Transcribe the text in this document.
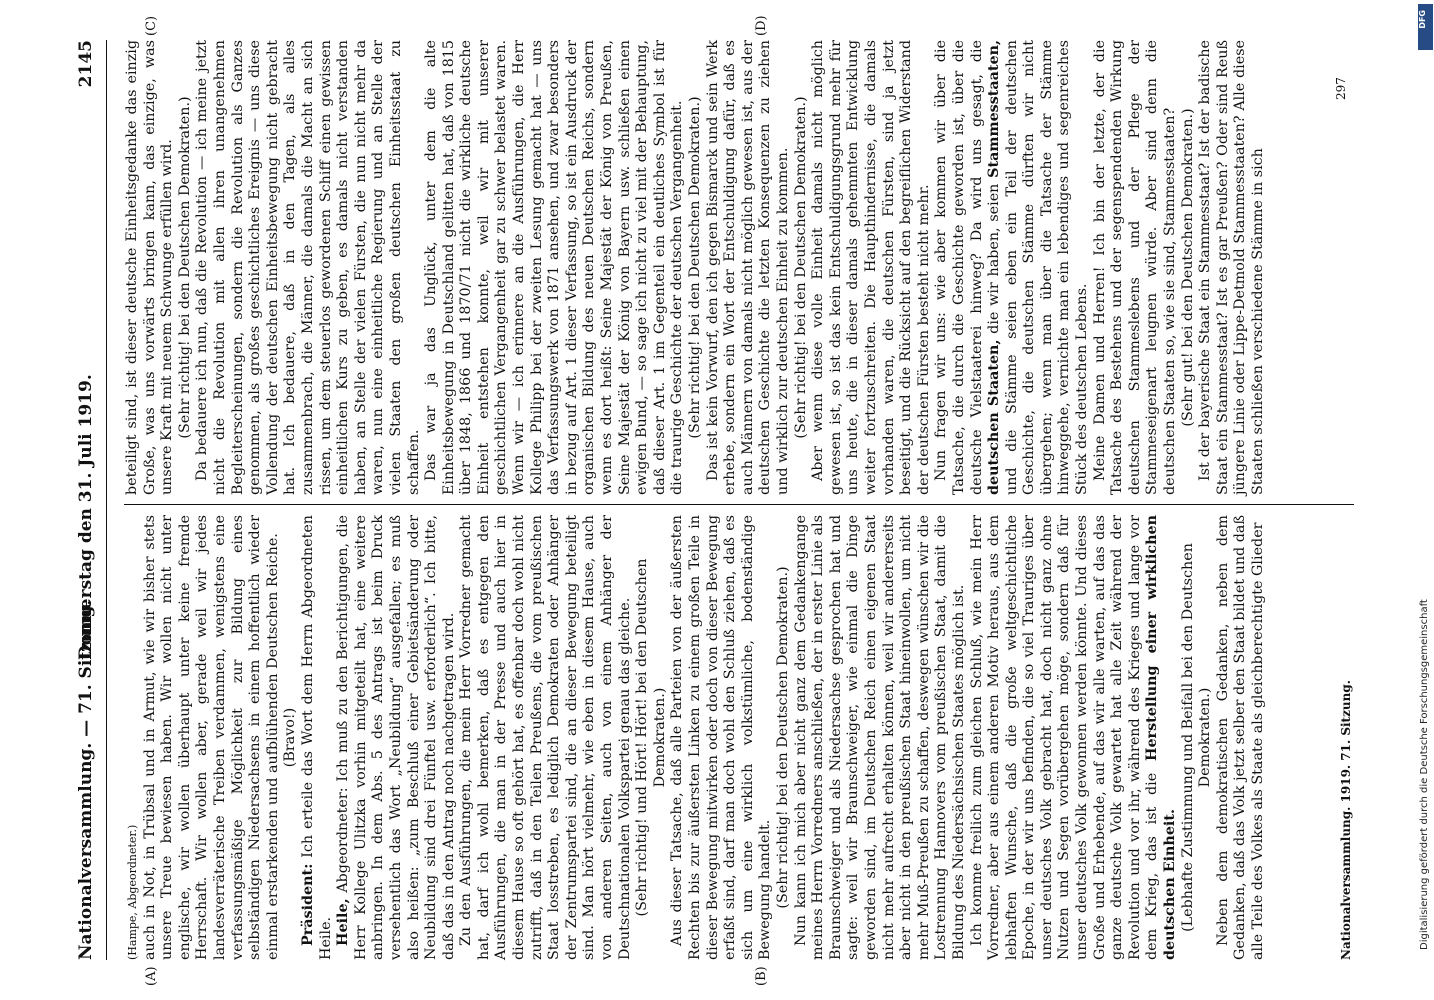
Nationalversammlung. — 71. Sitzung.
Donnerstag den 31. Juli 1919.
2145
(A)	(B)
(C)	(D)

(Hampe, Abgeordneter.) auch in Not, in Trübsal und in Armut, wie wir bisher stets unsere Treue bewiesen haben. Wir wollen nicht unter englische, wir wollen überhaupt unter keine fremde Herrschaft. Wir wollen aber, gerade weil wir jedes landesverräterische Treiben verdammen, wenigstens eine verfassungsmäßige Möglichkeit zur Bildung eines selbständigen Niedersachsens in einem hoffentlich wieder einmal erstarkenden und aufblühenden Deutschen Reiche. (Bravo!)

Präsident: Ich erteile das Wort dem Herrn Abgeordneten Heile. Heile, Abgeordneter: Ich muß zu den Berichtigungen, die Herr Kollege Ulitzka vorhin mitgeteilt hat, eine weitere anbringen. In dem Abs. 5 des Antrags ist beim Druck versehentlich das Wort „Neubildung“ ausgefallen; es muß also heißen: „zum Beschluß einer Gebietsänderung oder Neubildung sind drei Fünftel usw. erforderlich“. Ich bitte, daß das in den Antrag noch nachgetragen wird. Zu den Ausführungen, die mein Herr Vorredner gemacht hat, darf ich wohl bemerken, daß es entgegen den Ausführungen, die man in der Presse und auch hier in diesem Hause so oft gehört hat, es offenbar doch wohl nicht zutrifft, daß in den Teilen Preußens, die vom preußischen Staat losstreben, es lediglich Demokraten oder Anhänger der Zentrumspartei sind, die an dieser Bewegung beteiligt sind. Man hört vielmehr, wie eben in diesem Hause, auch von anderen Seiten, auch von einem Anhänger der Deutschnationalen Volkspartei genau das gleiche. (Sehr richtig! und Hört! Hört! bei den Deutschen Demokraten.) Aus dieser Tatsache, daß alle Parteien von der äußersten Rechten bis zur äußersten Linken zu einem großen Teile in dieser Bewegung mitwirken oder doch von dieser Bewegung erfaßt sind, darf man doch wohl den Schluß ziehen, daß es sich um eine wirklich volkstümliche, bodenständige Bewegung handelt. (Sehr richtig! bei den Deutschen Demokraten.) Nun kann ich mich aber nicht ganz dem Gedankengange meines Herrn Vorredners anschließen, der in erster Linie als Braunschweiger und als Niedersachse gesprochen hat und sagte: weil wir Braunschweiger, wie einmal die Dinge geworden sind, im Deutschen Reich einen eigenen Staat nicht mehr aufrecht erhalten können, weil wir andererseits aber nicht in den preußischen Staat hineinwollen, um nicht mehr Muß-Preußen zu schaffen, deswegen wünschen wir die Lostrennung Hannovers vom preußischen Staat, damit die Bildung des Niedersächsischen Staates möglich ist. Ich komme freilich zum gleichen Schluß, wie mein Herr Vorredner, aber aus einem anderen Motiv heraus, aus dem lebhaften Wunsche, daß die große weltgeschichtliche Epoche, in der wir uns befinden, die so viel Trauriges über unser deutsches Volk gebracht hat, doch nicht ganz ohne Nutzen und Segen vorübergehen möge, sondern daß für unser deutsches Volk gewonnen werden könnte. Und dieses Große und Erhebende, auf das wir alle warten, auf das das ganze deutsche Volk gewartet hat alle Zeit während der Revolution und vor ihr, während des Krieges und lange vor dem Krieg, das ist die Herstellung einer wirklichen deutschen Einheit. (Lebhafte Zustimmung und Beifall bei den Deutschen Demokraten.) Neben dem demokratischen Gedanken, neben dem Gedanken, daß das Volk jetzt selber den Staat bildet und daß alle Teile des Volkes als Staate als gleichberechtigte Glieder

beteiligt sind, ist dieser deutsche Einheitsgedanke das einzig Große, was uns vorwärts bringen kann, das einzige, was unsere Kraft mit neuem Schwunge erfüllen wird. (Sehr richtig! bei den Deutschen Demokraten.) Da bedauere ich nun, daß die Revolution — ich meine jetzt nicht die Revolution mit allen ihren unangenehmen Begleiterscheinungen, sondern die Revolution als Ganzes genommen, als großes geschichtliches Ereignis — uns diese Vollendung der deutschen Einheitsbewegung nicht gebracht hat. Ich bedauere, daß in den Tagen, als alles zusammenbrach, die Männer, die damals die Macht an sich rissen, um dem steuerlos gewordenen Schiff einen gewissen einheitlichen Kurs zu geben, es damals nicht verstanden haben, an Stelle der vielen Fürsten, die nun nicht mehr da waren, nun eine einheitliche Regierung und an Stelle der vielen Staaten den großen deutschen Einheitsstaat zu schaffen. Das war ja das Unglück, unter dem die alte Einheitsbewegung in Deutschland gelitten hat, daß von 1815 über 1848, 1866 und 1870/71 nicht die wirkliche deutsche Einheit entstehen konnte, weil wir mit unserer geschichtlichen Vergangenheit gar zu schwer belastet waren. Wenn wir — ich erinnere an die Ausführungen, die Herr Kollege Philipp bei der zweiten Lesung gemacht hat — uns das Verfassungswerk von 1871 ansehen, und zwar besonders in bezug auf Art. 1 dieser Verfassung, so ist ein Ausdruck der organischen Bildung des neuen Deutschen Reichs, sondern wenn es dort heißt: Seine Majestät der König von Preußen, Seine Majestät der König von Bayern usw. schließen einen ewigen Bund, — so sage ich nicht zu viel mit der Behauptung, daß dieser Art. 1 im Gegenteil ein deutliches Symbol ist für die traurige Geschichte der deutschen Vergangenheit. (Sehr richtig! bei den Deutschen Demokraten.) Das ist kein Vorwurf, den ich gegen Bismarck und sein Werk erhebe, sondern ein Wort der Entschuldigung dafür, daß es auch Männern von damals nicht möglich gewesen ist, aus der deutschen Geschichte die letzten Konsequenzen zu ziehen und wirklich zur deutschen Einheit zu kommen. (Sehr richtig! bei den Deutschen Demokraten.) Aber wenn diese volle Einheit damals nicht möglich gewesen ist, so ist das kein Entschuldigungsgrund mehr für uns heute, die in dieser damals gehemmten Entwicklung weiter fortzuschreiten. Die Haupthindernisse, die damals vorhanden waren, die deutschen Fürsten, sind ja jetzt beseitigt, und die Rücksicht auf den begreiflichen Widerstand der deutschen Fürsten besteht nicht mehr. Nun fragen wir uns: wie aber kommen wir über die Tatsache, die durch die Geschichte geworden ist, über die deutsche Vielstaaterei hinweg? Da wird uns gesagt, die deutschen Staaten, die wir haben, seien Stammesstaaten, und die Stämme seien eben ein Teil der deutschen Geschichte, die deutschen Stämme dürften wir nicht übergehen; wenn man über die Tatsache der Stämme hinweggehe, vernichte man ein lebendiges und segenreiches Stück des deutschen Lebens. Meine Damen und Herren! Ich bin der letzte, der die Tatsache des Bestehens und der segenspendenden Wirkung deutschen Stammeslebens und der Pflege der Stammeseigenart leugnen würde. Aber sind denn die deutschen Staaten so, wie sie sind, Stammesstaaten? (Sehr gut! bei den Deutschen Demokraten.) Ist der bayerische Staat ein Stammesstaat? Ist der badische Staat ein Stammesstaat? Ist es gar Preußen? Oder sind Reuß jüngere Linie oder Lippe-Detmold Stammesstaaten? Alle diese Staaten schließen verschiedene Stämme in sich

Nationalversammlung. 1919. 71. Sitzung.
297
DFG
Digitalisierung gefördert durch die Deutsche Forschungsgemeinschaft
